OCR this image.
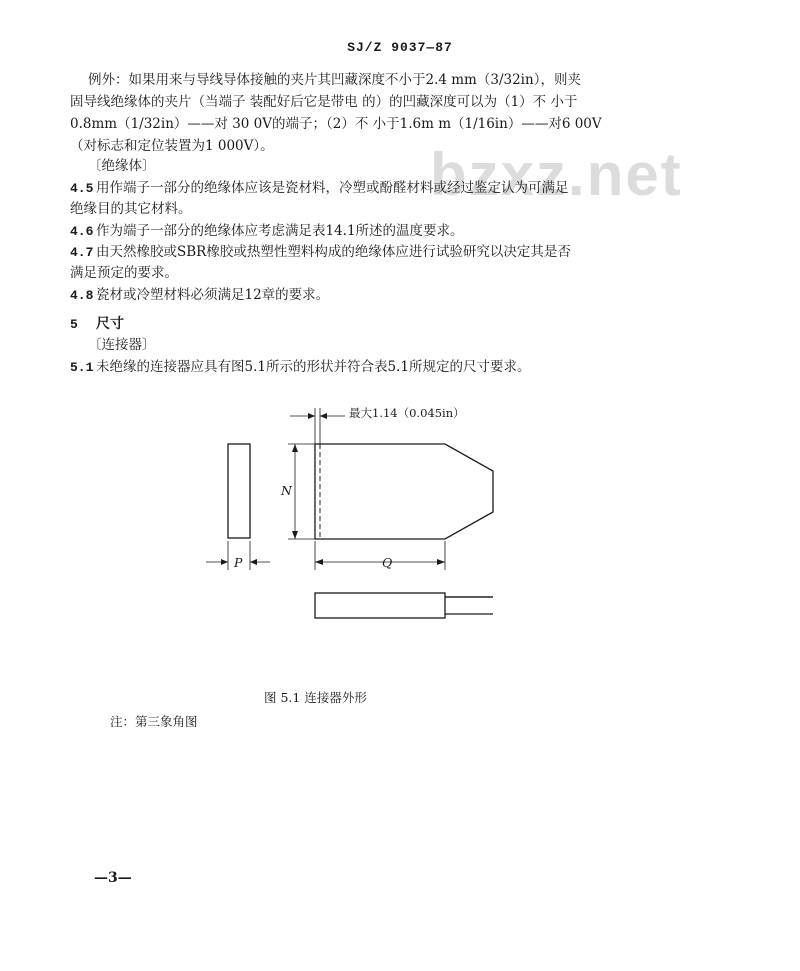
SJ/Z 9037—87
bzxz.net
例外：如果用来与导线导体接触的夹片其凹藏深度不小于2.4 mm（3/32in），则夹
固导线绝缘体的夹片（当端子 装配好后它是带电 的）的凹藏深度可以为（1）不 小于
0.8mm（1/32in）——对 30 0V的端子；（2）不 小于1.6m m（1/16in）——对6 00V
（对标志和定位装置为1 000V）。
〔绝缘体〕
4.5 用作端子一部分的绝缘体应该是瓷材料，冷塑或酚醛材料或经过鉴定认为可满足
绝缘目的其它材料。
4.6 作为端子一部分的绝缘体应考虑满足表14.1所述的温度要求。
4.7 由天然橡胶或SBR橡胶或热塑性塑料构成的绝缘体应进行试验研究以决定其是否
满足预定的要求。
4.8 瓷材或冷塑材料必须满足12章的要求。
5 尺寸
〔连接器〕
5.1 未绝缘的连接器应具有图5.1所示的形状并符合表5.1所规定的尺寸要求。
最大1.14（0.045in）
N
P	Q
图 5.1 连接器外形
注：第三象角图
—3—
